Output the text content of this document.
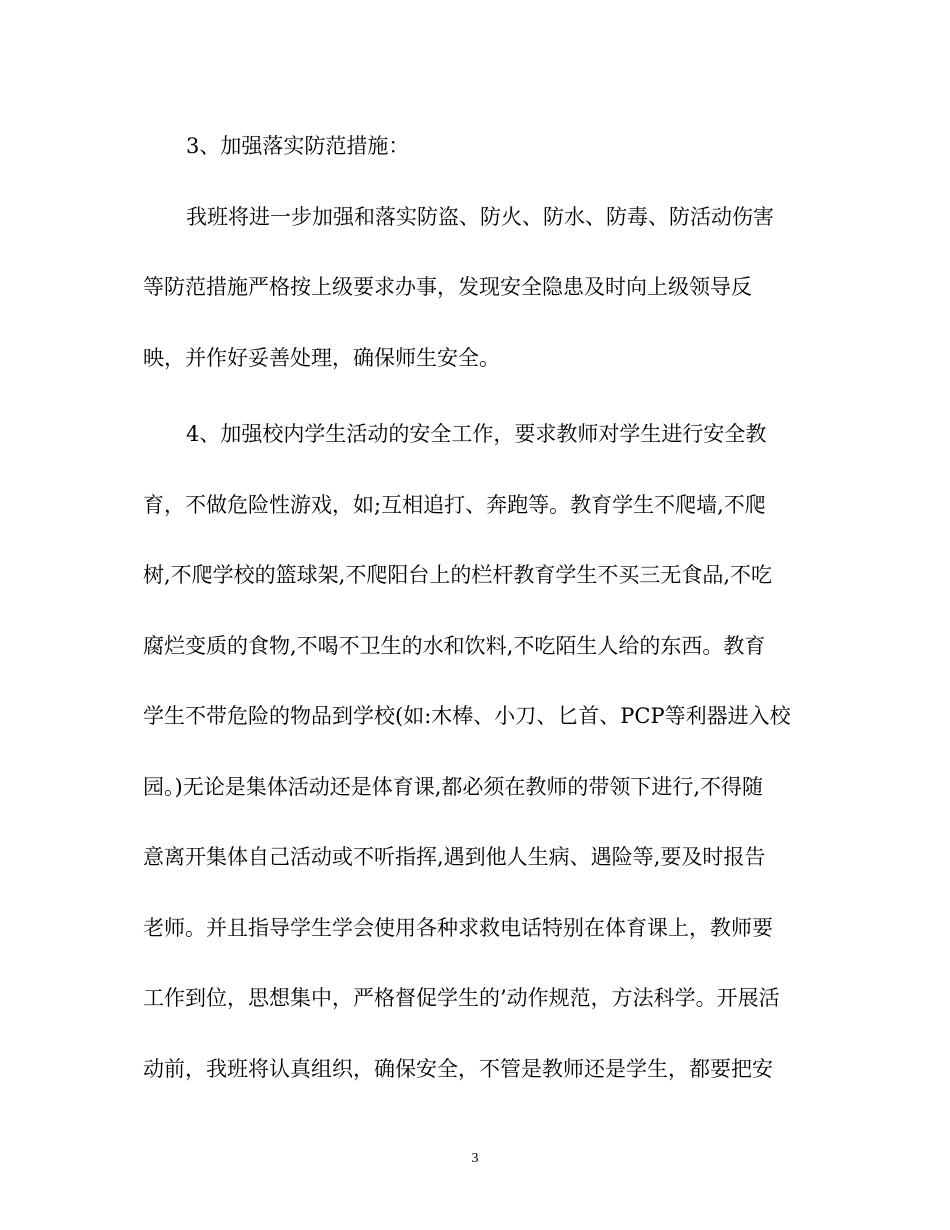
3、加强落实防范措施：
我班将进一步加强和落实防盗、防火、防水、防毒、防活动伤害
等防范措施严格按上级要求办事，发现安全隐患及时向上级领导反
映，并作好妥善处理，确保师生安全。
4、加强校内学生活动的安全工作，要求教师对学生进行安全教
育，不做危险性游戏，如;互相追打、奔跑等。教育学生不爬墙,不爬
树,不爬学校的篮球架,不爬阳台上的栏杆教育学生不买三无食品,不吃
腐烂变质的食物,不喝不卫生的水和饮料,不吃陌生人给的东西。教育
学生不带危险的物品到学校(如:木棒、小刀、匕首、PCP等利器进入校
园。)无论是集体活动还是体育课,都必须在教师的带领下进行,不得随
意离开集体自己活动或不听指挥,遇到他人生病、遇险等,要及时报告
老师。并且指导学生学会使用各种求救电话特别在体育课上，教师要
工作到位，思想集中，严格督促学生的’动作规范，方法科学。开展活
动前，我班将认真组织，确保安全，不管是教师还是学生，都要把安
3
